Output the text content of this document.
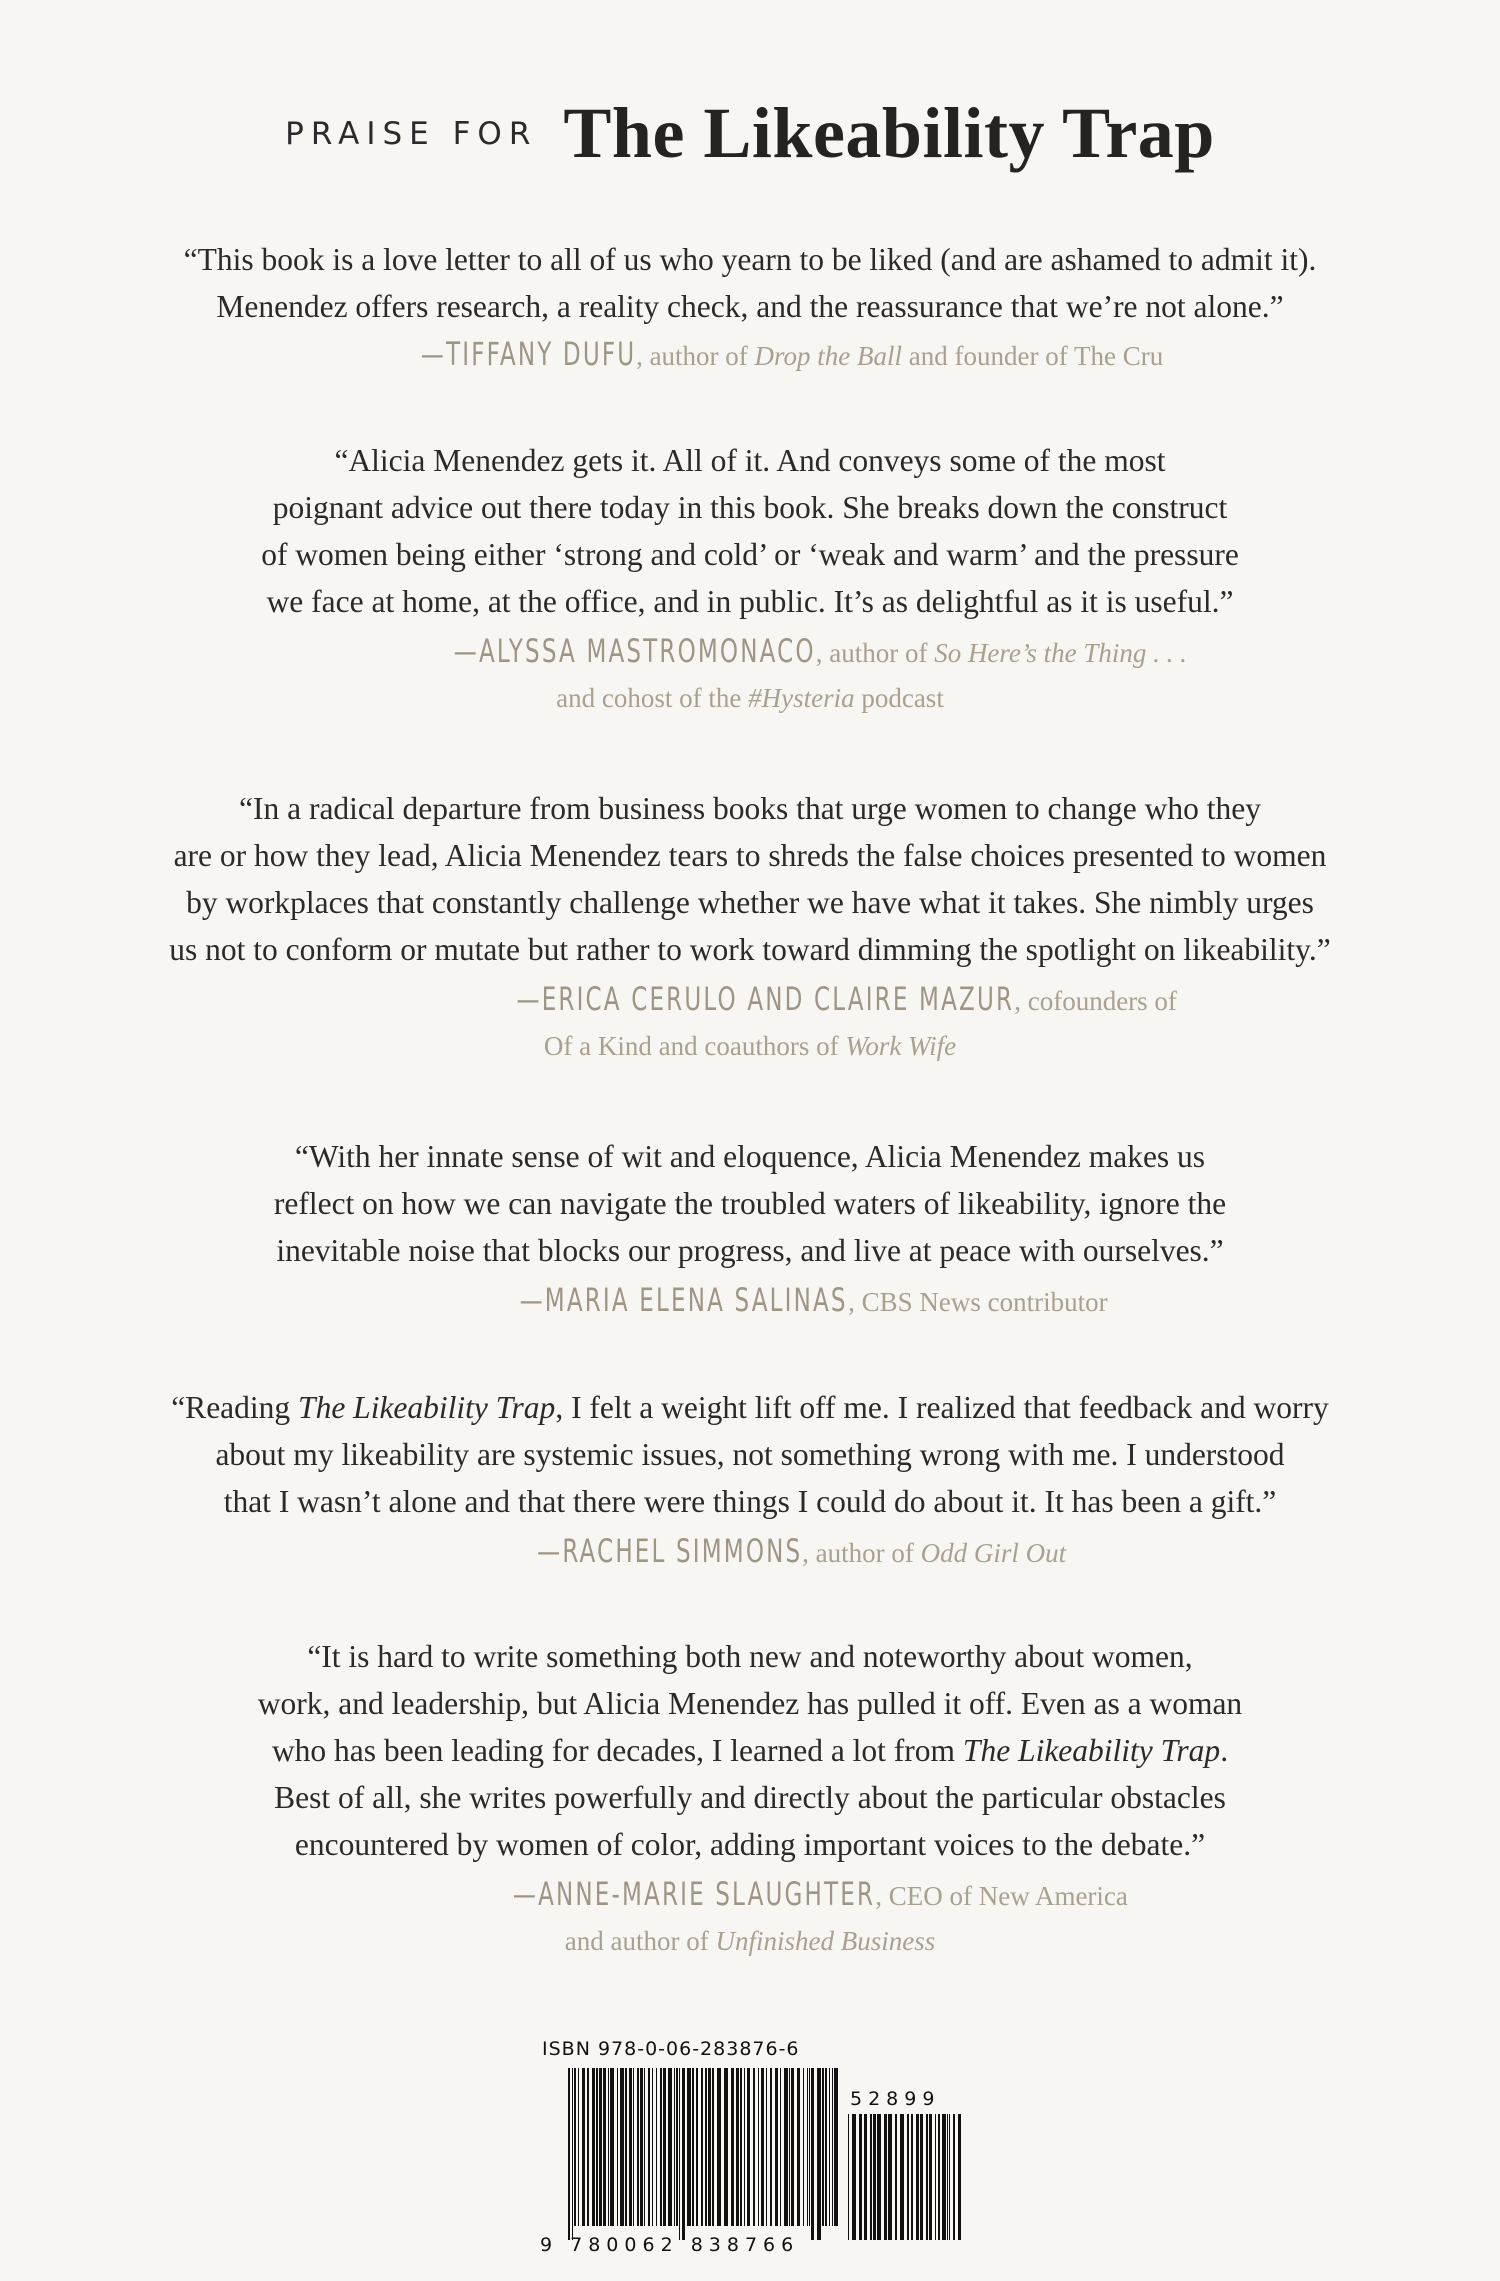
PRAISE FOR The Likeability Trap

“This book is a love letter to all of us who yearn to be liked (and are ashamed to admit it).
Menendez offers research, a reality check, and the reassurance that we’re not alone.”

—TIFFANY DUFU, author of Drop the Ball and founder of The Cru

“Alicia Menendez gets it. All of it. And conveys some of the most
poignant advice out there today in this book. She breaks down the construct
of women being either ‘strong and cold’ or ‘weak and warm’ and the pressure
we face at home, at the office, and in public. It’s as delightful as it is useful.”

—ALYSSA MASTROMONACO, author of So Here’s the Thing . . .
and cohost of the #Hysteria podcast

“In a radical departure from business books that urge women to change who they
are or how they lead, Alicia Menendez tears to shreds the false choices presented to women
by workplaces that constantly challenge whether we have what it takes. She nimbly urges
us not to conform or mutate but rather to work toward dimming the spotlight on likeability.”

—ERICA CERULO AND CLAIRE MAZUR, cofounders of
Of a Kind and coauthors of Work Wife

“With her innate sense of wit and eloquence, Alicia Menendez makes us
reflect on how we can navigate the troubled waters of likeability, ignore the
inevitable noise that blocks our progress, and live at peace with ourselves.”

—MARIA ELENA SALINAS, CBS News contributor

“Reading The Likeability Trap, I felt a weight lift off me. I realized that feedback and worry
about my likeability are systemic issues, not something wrong with me. I understood
that I wasn’t alone and that there were things I could do about it. It has been a gift.”

—RACHEL SIMMONS, author of Odd Girl Out

“It is hard to write something both new and noteworthy about women,
work, and leadership, but Alicia Menendez has pulled it off. Even as a woman
who has been leading for decades, I learned a lot from The Likeability Trap.
Best of all, she writes powerfully and directly about the particular obstacles
encountered by women of color, adding important voices to the debate.”

—ANNE-MARIE SLAUGHTER, CEO of New America
and author of Unfinished Business

ISBN 978-0-06-283876-6
52899
9 780062 838766
